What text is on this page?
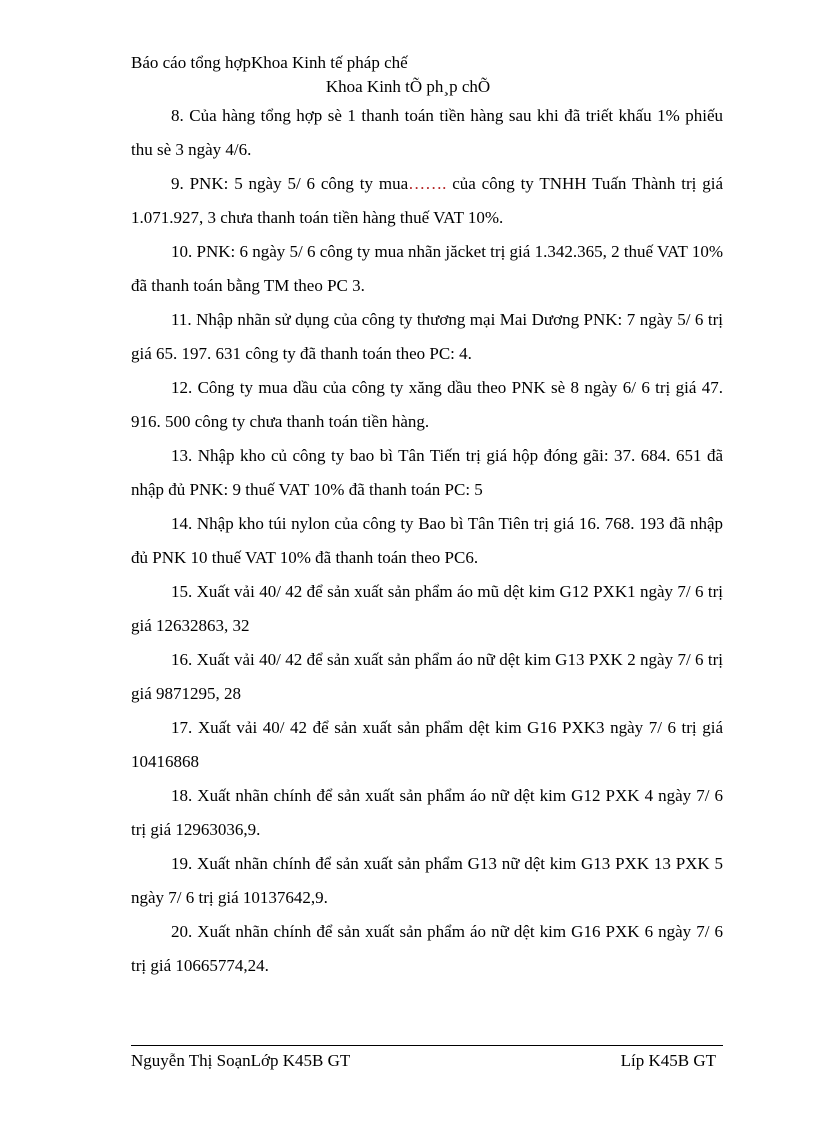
Báo cáo tổng hợpKhoa Kinh tế pháp chế
Khoa Kinh tÕ ph¸p chÕ

8. Của hàng tổng hợp sè 1 thanh toán tiền hàng sau khi đã triết khấu 1% phiếu thu sè 3 ngày 4/6.

9. PNK: 5 ngày 5/ 6 công ty mua……. của công ty TNHH Tuấn Thành trị giá 1.071.927, 3 chưa thanh toán tiền hàng thuế VAT 10%.

10. PNK: 6 ngày 5/ 6 công ty mua nhãn jăcket trị giá 1.342.365, 2 thuế VAT 10% đã thanh toán bằng TM theo PC 3.

11. Nhập nhãn sử dụng của công ty thương mại Mai Dương PNK: 7 ngày 5/ 6 trị giá 65. 197. 631 công ty đã thanh toán theo PC: 4.

12. Công ty mua dầu của công ty xăng dầu theo PNK sè 8 ngày 6/ 6 trị giá 47. 916. 500 công ty chưa thanh toán tiền hàng.

13. Nhập kho củ công ty bao bì Tân Tiến trị giá hộp đóng gãi: 37. 684. 651 đã nhập đủ PNK: 9 thuế VAT 10% đã thanh toán PC: 5

14. Nhập kho túi nylon của công ty Bao bì Tân Tiên trị giá 16. 768. 193 đã nhập đủ PNK 10 thuế VAT 10% đã thanh toán theo PC6.

15. Xuất vải 40/ 42 để sản xuất sản phẩm áo mũ dệt kim G12 PXK1 ngày 7/ 6 trị giá 12632863, 32

16. Xuất vải 40/ 42 để sản xuất sản phẩm áo nữ dệt kim G13 PXK 2 ngày 7/ 6 trị giá 9871295, 28

17. Xuất vải 40/ 42 để sản xuất sản phẩm dệt kim G16 PXK3 ngày 7/ 6 trị giá 10416868

18. Xuất nhãn chính để sản xuất sản phẩm áo nữ dệt kim G12 PXK 4 ngày 7/ 6 trị giá 12963036,9.

19. Xuất nhãn chính để sản xuất sản phẩm G13 nữ dệt kim G13 PXK 13 PXK 5 ngày 7/ 6 trị giá 10137642,9.

20. Xuất nhãn chính để sản xuất sản phẩm áo nữ dệt kim G16 PXK 6 ngày 7/ 6 trị giá 10665774,24.

Nguyễn Thị SoạnLớp K45B GT	Líp K45B GT
